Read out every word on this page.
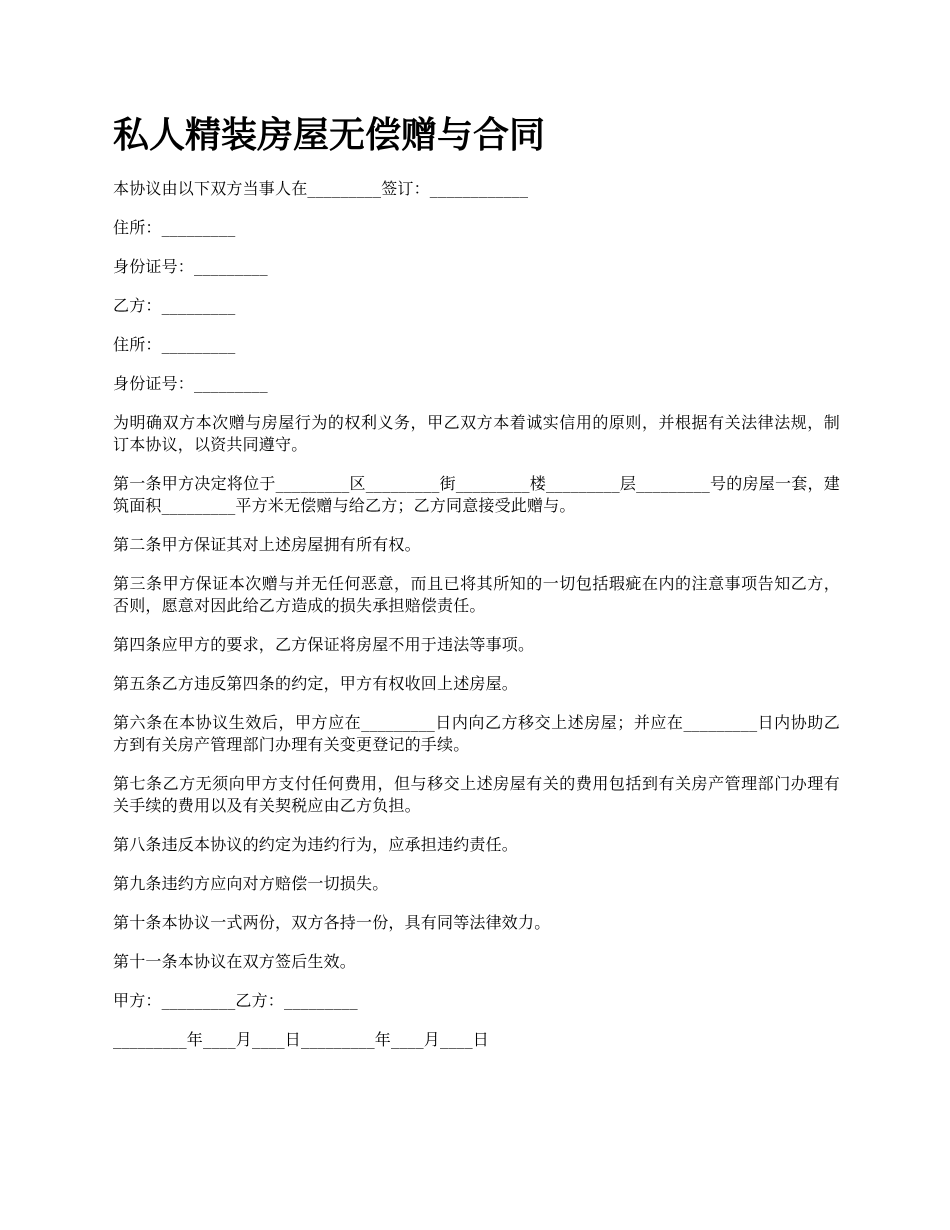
私人精装房屋无偿赠与合同

本协议由以下双方当事人在_________签订：____________

住所：_________

身份证号：_________

乙方：_________

住所：_________

身份证号：_________

为明确双方本次赠与房屋行为的权利义务，甲乙双方本着诚实信用的原则，并根据有关法律法规，制订本协议，以资共同遵守。

第一条甲方决定将位于_________区_________街_________楼_________层_________号的房屋一套，建筑面积_________平方米无偿赠与给乙方；乙方同意接受此赠与。

第二条甲方保证其对上述房屋拥有所有权。

第三条甲方保证本次赠与并无任何恶意，而且已将其所知的一切包括瑕疵在内的注意事项告知乙方，否则，愿意对因此给乙方造成的损失承担赔偿责任。

第四条应甲方的要求，乙方保证将房屋不用于违法等事项。

第五条乙方违反第四条的约定，甲方有权收回上述房屋。

第六条在本协议生效后，甲方应在_________日内向乙方移交上述房屋；并应在_________日内协助乙方到有关房产管理部门办理有关变更登记的手续。

第七条乙方无须向甲方支付任何费用，但与移交上述房屋有关的费用包括到有关房产管理部门办理有关手续的费用以及有关契税应由乙方负担。

第八条违反本协议的约定为违约行为，应承担违约责任。

第九条违约方应向对方赔偿一切损失。

第十条本协议一式两份，双方各持一份，具有同等法律效力。

第十一条本协议在双方签后生效。

甲方：_________乙方：_________

_________年____月____日_________年____月____日
